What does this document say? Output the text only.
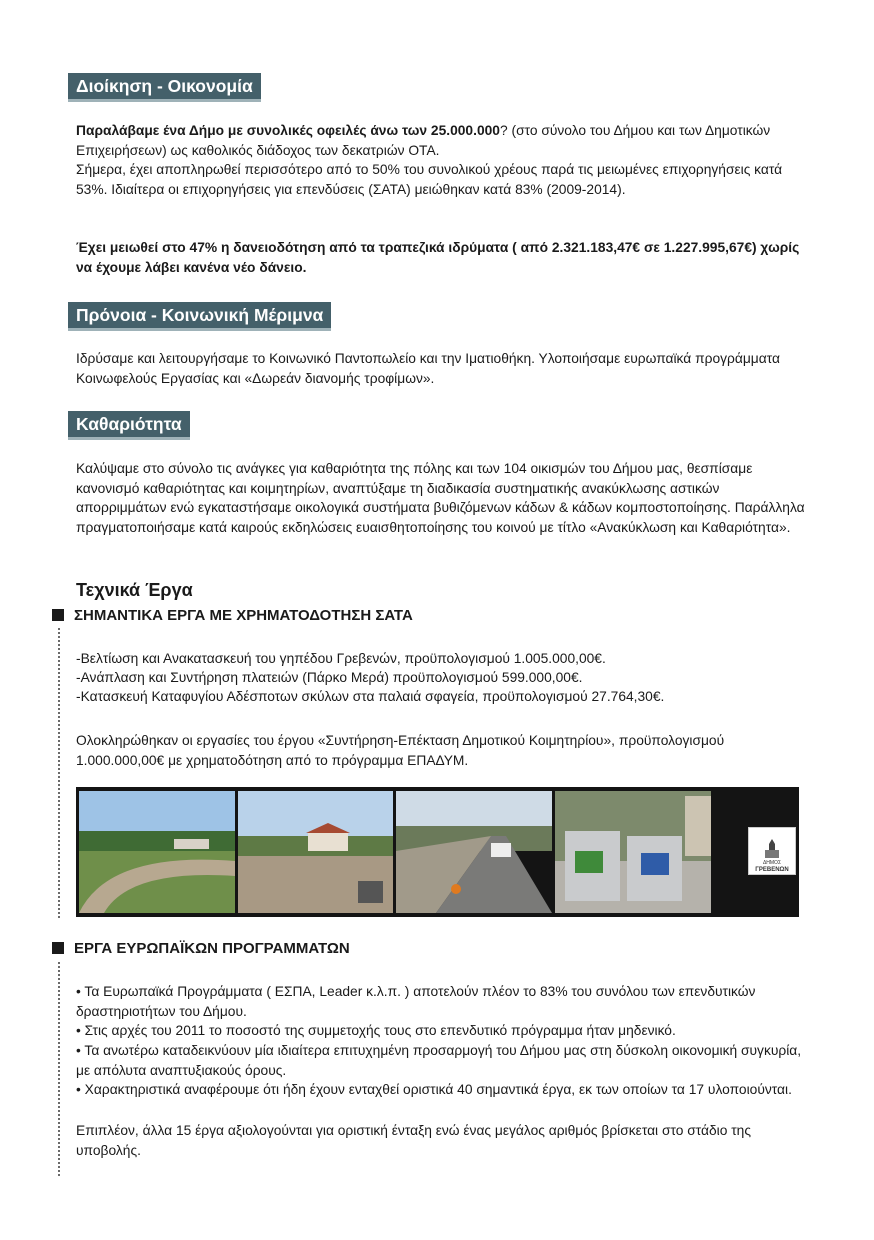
Διοίκηση - Οικονομία

Παραλάβαμε ένα Δήμο με συνολικές οφειλές άνω των 25.000.000? (στο σύνολο του Δήμου και των Δημοτικών Επιχειρήσεων) ως καθολικός διάδοχος των δεκατριών ΟΤΑ.

Σήμερα, έχει αποπληρωθεί περισσότερο από το 50% του συνολικού χρέους παρά τις μειωμένες επιχορηγήσεις κατά 53%. Ιδιαίτερα οι επιχορηγήσεις για επενδύσεις (ΣΑΤΑ) μειώθηκαν κατά 83% (2009-2014).

Έχει μειωθεί στο 47% η δανειοδότηση από τα τραπεζικά ιδρύματα ( από 2.321.183,47€ σε 1.227.995,67€) χωρίς να έχουμε λάβει κανένα νέο δάνειο.

Πρόνοια - Κοινωνική Μέριμνα

Ιδρύσαμε και λειτουργήσαμε το Κοινωνικό Παντοπωλείο και την Ιματιοθήκη. Υλοποιήσαμε ευρωπαϊκά προγράμματα Κοινωφελούς Εργασίας και «Δωρεάν διανομής τροφίμων».

Καθαριότητα

Καλύψαμε στο σύνολο τις ανάγκες για καθαριότητα της πόλης και των 104 οικισμών του Δήμου μας, θεσπίσαμε κανονισμό καθαριότητας και κοιμητηρίων, αναπτύξαμε τη διαδικασία συστηματικής ανακύκλωσης αστικών απορριμμάτων ενώ εγκαταστήσαμε οικολογικά συστήματα βυθιζόμενων κάδων & κάδων κομποστοποίησης. Παράλληλα πραγματοποιήσαμε κατά καιρούς εκδηλώσεις ευαισθητοποίησης του κοινού με τίτλο «Ανακύκλωση και Καθαριότητα».

Τεχνικά Έργα
ΣΗΜΑΝΤΙΚΑ ΕΡΓΑ ΜΕ ΧΡΗΜΑΤΟΔΟΤΗΣΗ ΣΑΤΑ

-Βελτίωση και Ανακατασκευή του γηπέδου Γρεβενών, προϋπολογισμού 1.005.000,00€.

-Ανάπλαση και Συντήρηση πλατειών (Πάρκο Μερά) προϋπολογισμού 599.000,00€.

-Κατασκευή Καταφυγίου Αδέσποτων σκύλων στα παλαιά σφαγεία, προϋπολογισμού 27.764,30€.

Ολοκληρώθηκαν οι εργασίες του έργου «Συντήρηση-Επέκταση Δημοτικού Κοιμητηρίου», προϋπολογισμού 1.000.000,00€ με χρηματοδότηση από το πρόγραμμα ΕΠΑΔΥΜ.

ΔΗΜΟΣ
ΓΡΕΒΕΝΩΝ
ΕΡΓΑ ΕΥΡΩΠΑΪΚΩΝ ΠΡΟΓΡΑΜΜΑΤΩΝ

• Τα Ευρωπαϊκά Προγράμματα ( ΕΣΠΑ, Leader κ.λ.π. ) αποτελούν πλέον το 83% του συνόλου των επενδυτικών δραστηριοτήτων του Δήμου.

• Στις αρχές του 2011 το ποσοστό της συμμετοχής τους στο επενδυτικό πρόγραμμα ήταν μηδενικό.

• Τα ανωτέρω καταδεικνύουν μία ιδιαίτερα επιτυχημένη προσαρμογή του Δήμου μας στη δύσκολη οικονομική συγκυρία, με απόλυτα αναπτυξιακούς όρους.

• Χαρακτηριστικά αναφέρουμε ότι ήδη έχουν ενταχθεί οριστικά 40 σημαντικά έργα, εκ των οποίων τα 17 υλοποιούνται.

Επιπλέον, άλλα 15 έργα αξιολογούνται για οριστική ένταξη ενώ ένας μεγάλος αριθμός βρίσκεται στο στάδιο της υποβολής.
